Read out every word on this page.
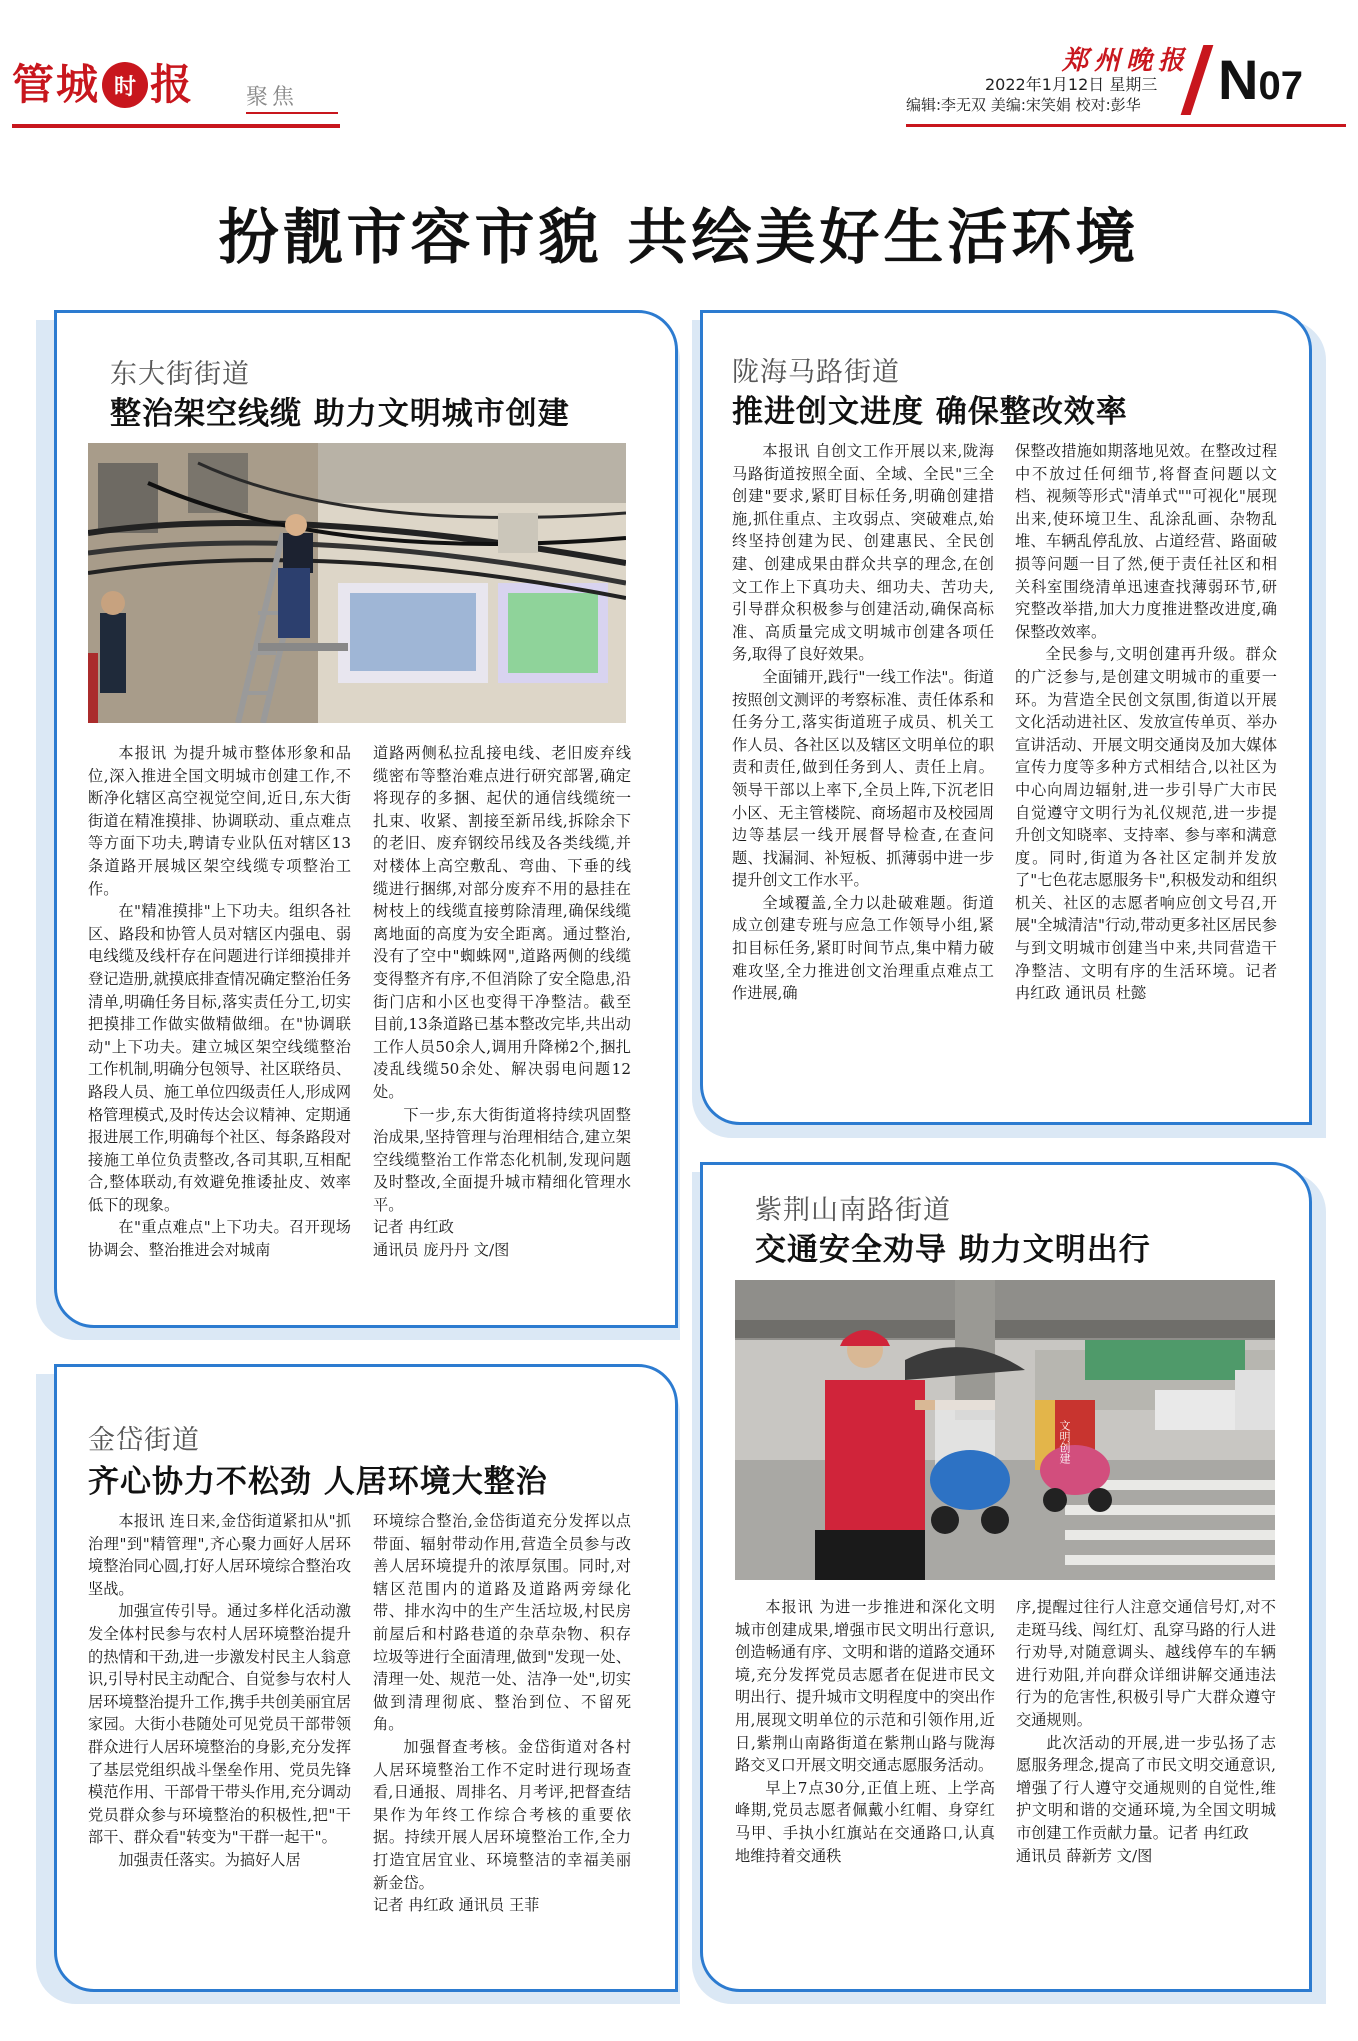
管城 时 报 聚焦
郑州晚报
2022年1月12日 星期三
编辑:李无双 美编:宋笑娟 校对:彭华 N07
扮靓市容市貌 共绘美好生活环境
东大街街道
整治架空线缆 助力文明城市创建

本报讯 为提升城市整体形象和品位,深入推进全国文明城市创建工作,不断净化辖区高空视觉空间,近日,东大街街道在精准摸排、协调联动、重点难点等方面下功夫,聘请专业队伍对辖区13条道路开展城区架空线缆专项整治工作。

在"精准摸排"上下功夫。组织各社区、路段和协管人员对辖区内强电、弱电线缆及线杆存在问题进行详细摸排并登记造册,就摸底排查情况确定整治任务清单,明确任务目标,落实责任分工,切实把摸排工作做实做精做细。在"协调联动"上下功夫。建立城区架空线缆整治工作机制,明确分包领导、社区联络员、路段人员、施工单位四级责任人,形成网格管理模式,及时传达会议精神、定期通报进展工作,明确每个社区、每条路段对接施工单位负责整改,各司其职,互相配合,整体联动,有效避免推诿扯皮、效率低下的现象。

在"重点难点"上下功夫。召开现场协调会、整治推进会对城南

道路两侧私拉乱接电线、老旧废弃线缆密布等整治难点进行研究部署,确定将现存的多捆、起伏的通信线缆统一扎束、收紧、割接至新吊线,拆除余下的老旧、废弃钢绞吊线及各类线缆,并对楼体上高空敷乱、弯曲、下垂的线缆进行捆绑,对部分废弃不用的悬挂在树枝上的线缆直接剪除清理,确保线缆离地面的高度为安全距离。通过整治,没有了空中"蜘蛛网",道路两侧的线缆变得整齐有序,不但消除了安全隐患,沿街门店和小区也变得干净整洁。截至目前,13条道路已基本整改完毕,共出动工作人员50余人,调用升降梯2个,捆扎凌乱线缆50余处、解决弱电问题12处。

下一步,东大街街道将持续巩固整治成果,坚持管理与治理相结合,建立架空线缆整治工作常态化机制,发现问题及时整改,全面提升城市精细化管理水平。

记者 冉红政

通讯员 庞丹丹 文/图

陇海马路街道
推进创文进度 确保整改效率

本报讯 自创文工作开展以来,陇海马路街道按照全面、全域、全民"三全创建"要求,紧盯目标任务,明确创建措施,抓住重点、主攻弱点、突破难点,始终坚持创建为民、创建惠民、全民创建、创建成果由群众共享的理念,在创文工作上下真功夫、细功夫、苦功夫,引导群众积极参与创建活动,确保高标准、高质量完成文明城市创建各项任务,取得了良好效果。

全面铺开,践行"一线工作法"。街道按照创文测评的考察标准、责任体系和任务分工,落实街道班子成员、机关工作人员、各社区以及辖区文明单位的职责和责任,做到任务到人、责任上肩。领导干部以上率下,全员上阵,下沉老旧小区、无主管楼院、商场超市及校园周边等基层一线开展督导检查,在查问题、找漏洞、补短板、抓薄弱中进一步提升创文工作水平。

全域覆盖,全力以赴破难题。街道成立创建专班与应急工作领导小组,紧扣目标任务,紧盯时间节点,集中精力破难攻坚,全力推进创文治理重点难点工作进展,确

保整改措施如期落地见效。在整改过程中不放过任何细节,将督查问题以文档、视频等形式"清单式""可视化"展现出来,使环境卫生、乱涂乱画、杂物乱堆、车辆乱停乱放、占道经营、路面破损等问题一目了然,便于责任社区和相关科室围绕清单迅速查找薄弱环节,研究整改举措,加大力度推进整改进度,确保整改效率。

全民参与,文明创建再升级。群众的广泛参与,是创建文明城市的重要一环。为营造全民创文氛围,街道以开展文化活动进社区、发放宣传单页、举办宣讲活动、开展文明交通岗及加大媒体宣传力度等多种方式相结合,以社区为中心向周边辐射,进一步引导广大市民自觉遵守文明行为礼仪规范,进一步提升创文知晓率、支持率、参与率和满意度。同时,街道为各社区定制并发放了"七色花志愿服务卡",积极发动和组织机关、社区的志愿者响应创文号召,开展"全城清洁"行动,带动更多社区居民参与到文明城市创建当中来,共同营造干净整洁、文明有序的生活环境。记者 冉红政 通讯员 杜懿

金岱街道
齐心协力不松劲 人居环境大整治

本报讯 连日来,金岱街道紧扣从"抓治理"到"精管理",齐心聚力画好人居环境整治同心圆,打好人居环境综合整治攻坚战。

加强宣传引导。通过多样化活动激发全体村民参与农村人居环境整治提升的热情和干劲,进一步激发村民主人翁意识,引导村民主动配合、自觉参与农村人居环境整治提升工作,携手共创美丽宜居家园。大街小巷随处可见党员干部带领群众进行人居环境整治的身影,充分发挥了基层党组织战斗堡垒作用、党员先锋模范作用、干部骨干带头作用,充分调动党员群众参与环境整治的积极性,把"干部干、群众看"转变为"干群一起干"。

加强责任落实。为搞好人居

环境综合整治,金岱街道充分发挥以点带面、辐射带动作用,营造全员参与改善人居环境提升的浓厚氛围。同时,对辖区范围内的道路及道路两旁绿化带、排水沟中的生产生活垃圾,村民房前屋后和村路巷道的杂草杂物、积存垃圾等进行全面清理,做到"发现一处、清理一处、规范一处、洁净一处",切实做到清理彻底、整治到位、不留死角。

加强督查考核。金岱街道对各村人居环境整治工作不定时进行现场查看,日通报、周排名、月考评,把督查结果作为年终工作综合考核的重要依据。持续开展人居环境整治工作,全力打造宜居宜业、环境整洁的幸福美丽新金岱。

记者 冉红政 通讯员 王菲

紫荆山南路街道
交通安全劝导 助力文明出行
文明创建

本报讯 为进一步推进和深化文明城市创建成果,增强市民文明出行意识,创造畅通有序、文明和谐的道路交通环境,充分发挥党员志愿者在促进市民文明出行、提升城市文明程度中的突出作用,展现文明单位的示范和引领作用,近日,紫荆山南路街道在紫荆山路与陇海路交叉口开展文明交通志愿服务活动。

早上7点30分,正值上班、上学高峰期,党员志愿者佩戴小红帽、身穿红马甲、手执小红旗站在交通路口,认真地维持着交通秩

序,提醒过往行人注意交通信号灯,对不走斑马线、闯红灯、乱穿马路的行人进行劝导,对随意调头、越线停车的车辆进行劝阻,并向群众详细讲解交通违法行为的危害性,积极引导广大群众遵守交通规则。

此次活动的开展,进一步弘扬了志愿服务理念,提高了市民文明交通意识,增强了行人遵守交通规则的自觉性,维护文明和谐的交通环境,为全国文明城市创建工作贡献力量。记者 冉红政

通讯员 薛新芳 文/图
